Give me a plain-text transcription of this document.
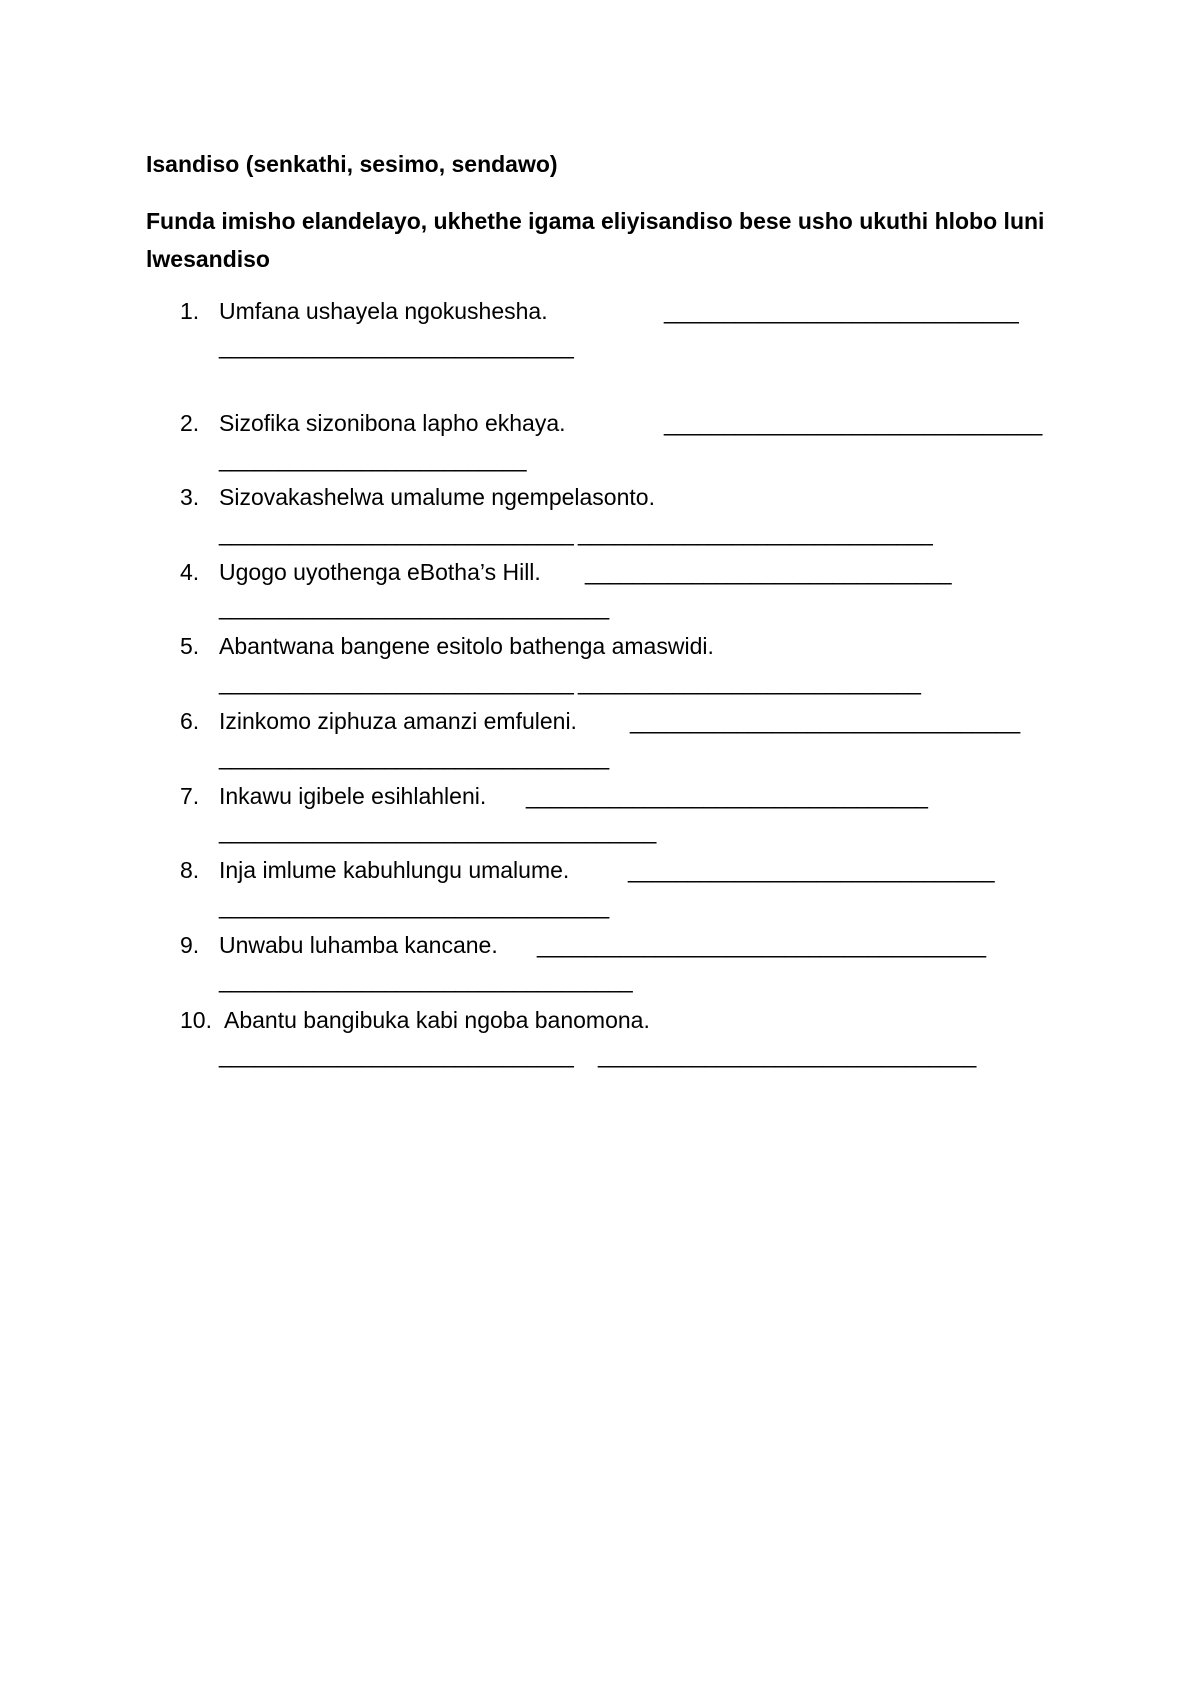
Isandiso (senkathi, sesimo, sendawo)
Funda imisho elandelayo, ukhethe igama eliyisandiso bese usho ukuthi hlobo luni lwesandiso
1. Umfana ushayela ngokushesha.	______________________________
______________________________
2. Sizofika sizonibona lapho ekhaya.	________________________________
__________________________
3. Sizovakashelwa umalume ngempelasonto.
______________________________ ______________________________
4. Ugogo uyothenga eBotha’s Hill. _______________________________
_________________________________
5. Abantwana bangene esitolo bathenga amaswidi.
______________________________ _____________________________
6. Izinkomo ziphuza amanzi emfuleni. _________________________________
_________________________________
7. Inkawu igibele esihlahleni. __________________________________
_____________________________________
8. Inja imlume kabuhlungu umalume.	_______________________________
_________________________________
9. Unwabu luhamba kancane. ______________________________________
___________________________________
10. Abantu bangibuka kabi ngoba banomona.
______________________________ ________________________________
